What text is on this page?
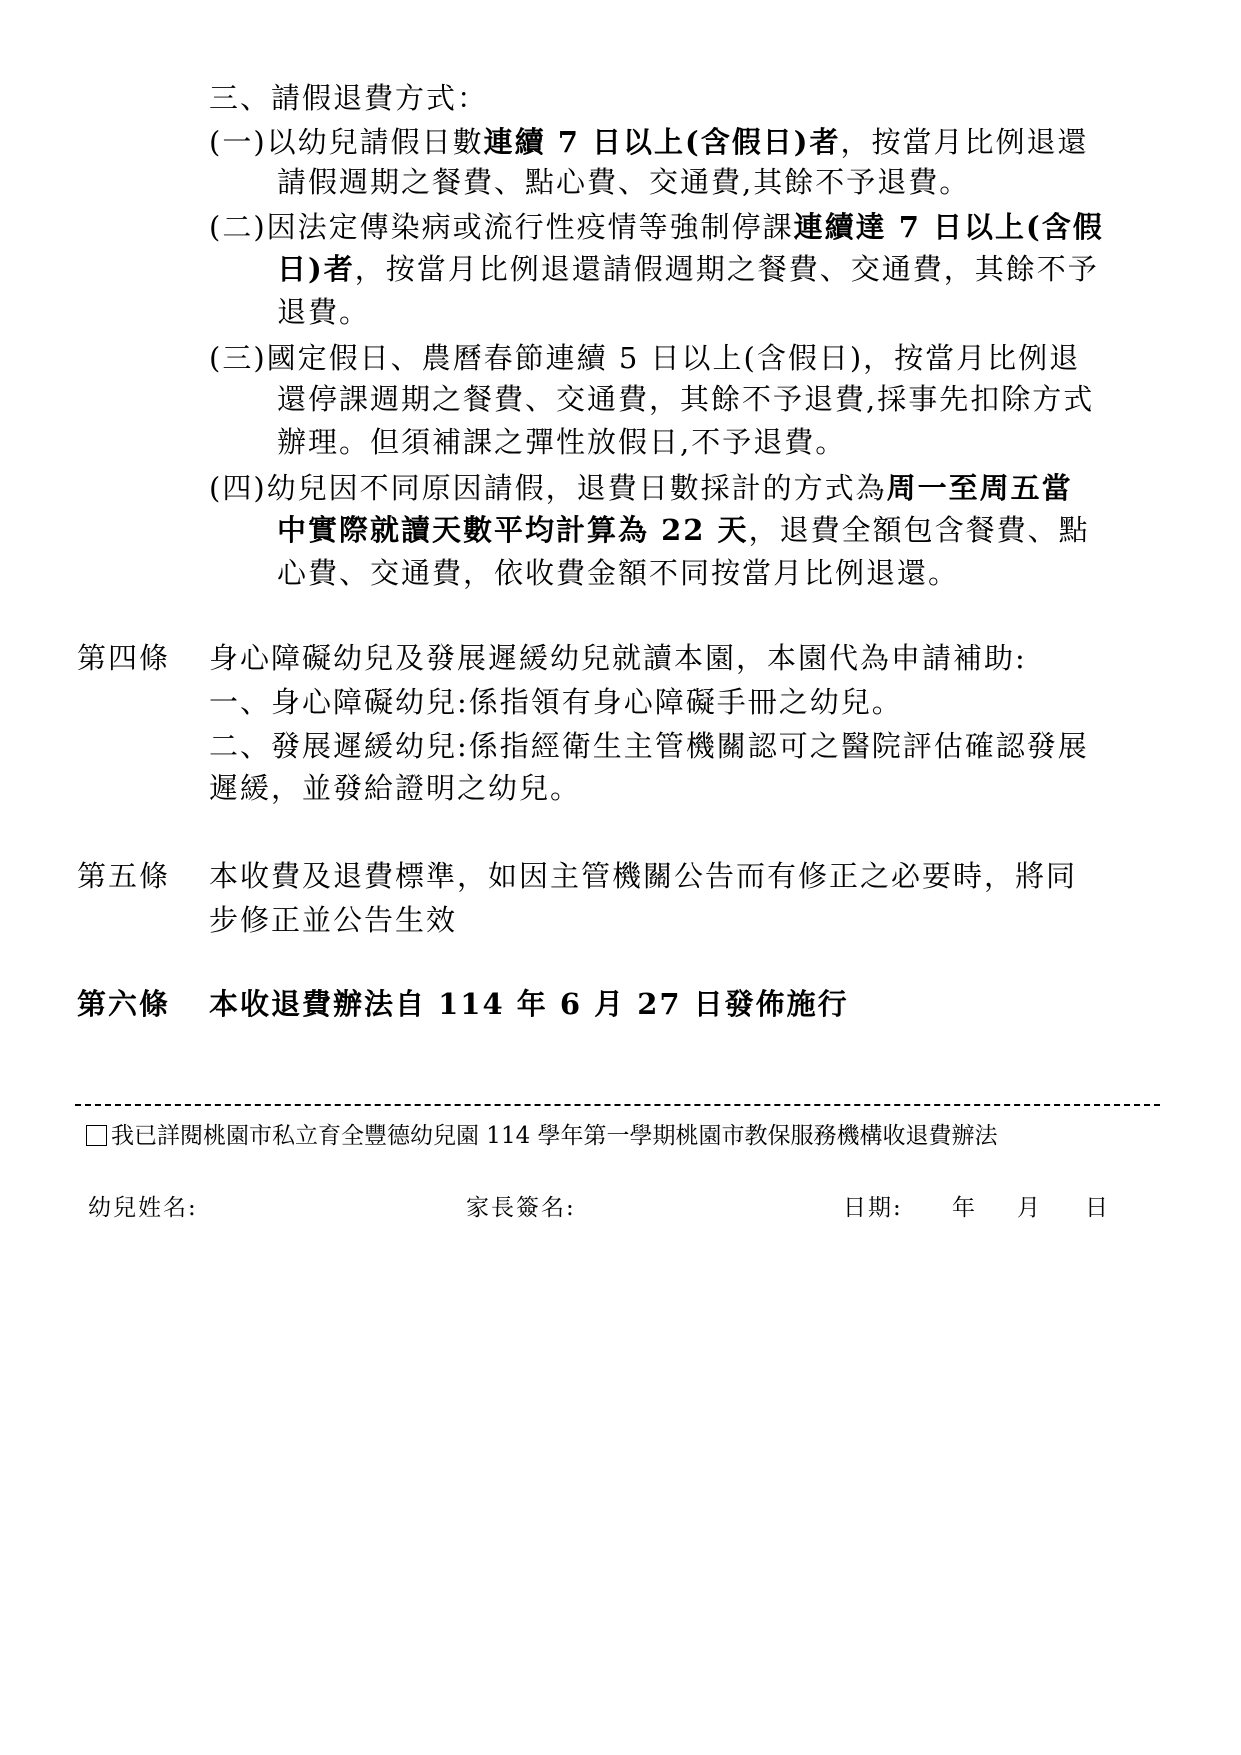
三、請假退費方式：
(一)以幼兒請假日數連續 7 日以上(含假日)者，按當月比例退還
請假週期之餐費、點心費、交通費,其餘不予退費。
(二)因法定傳染病或流行性疫情等強制停課連續達 7 日以上(含假
日)者，按當月比例退還請假週期之餐費、交通費，其餘不予
退費。
(三)國定假日、農曆春節連續 5 日以上(含假日)，按當月比例退
還停課週期之餐費、交通費，其餘不予退費,採事先扣除方式
辦理。但須補課之彈性放假日,不予退費。
(四)幼兒因不同原因請假，退費日數採計的方式為周一至周五當
中實際就讀天數平均計算為 22 天，退費全額包含餐費、點
心費、交通費，依收費金額不同按當月比例退還。
第四條 身心障礙幼兒及發展遲緩幼兒就讀本園，本園代為申請補助:
一、身心障礙幼兒:係指領有身心障礙手冊之幼兒。
二、發展遲緩幼兒:係指經衛生主管機關認可之醫院評估確認發展
遲緩，並發給證明之幼兒。
第五條 本收費及退費標準，如因主管機關公告而有修正之必要時，將同
步修正並公告生效
第六條 本收退費辦法自 114 年 6 月 27 日發佈施行
我已詳閱桃園市私立育全豐德幼兒園 114 學年第一學期桃園市教保服務機構收退費辦法
幼兒姓名:	家長簽名:	日期: 年 月 日
